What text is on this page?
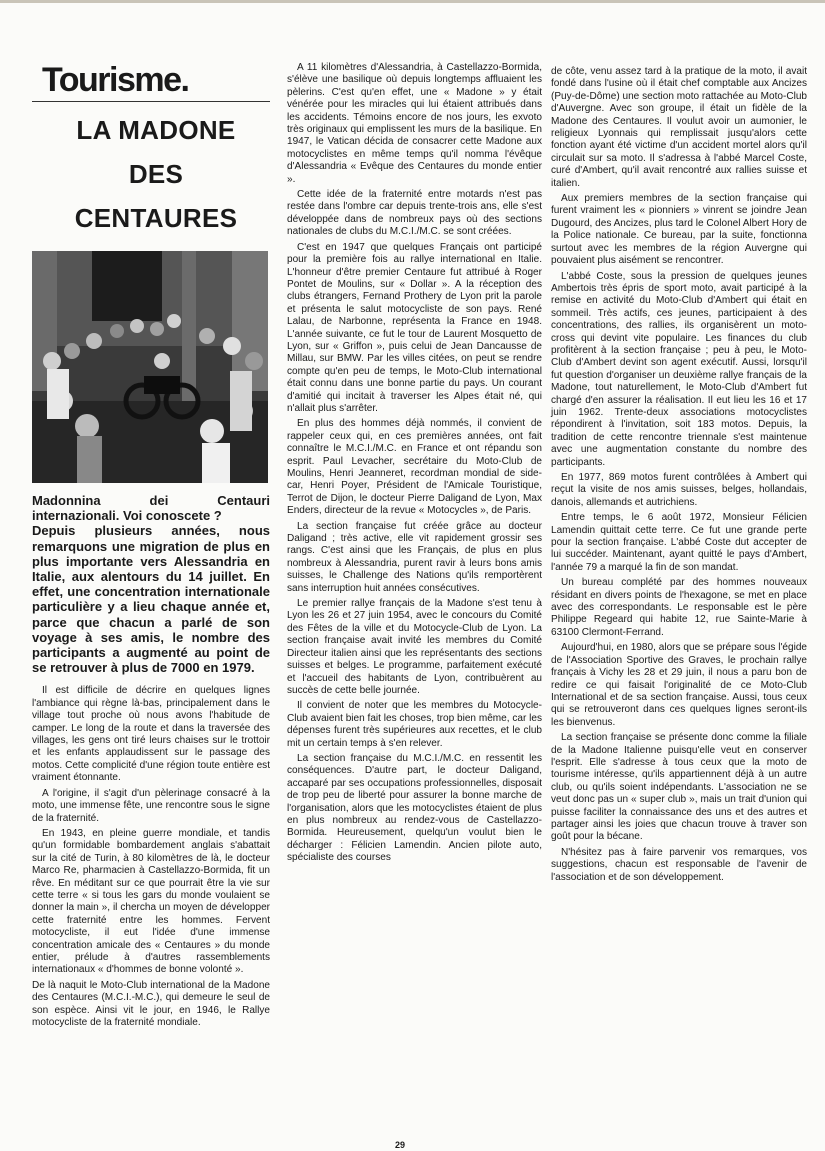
Tourisme.

LA MADONE

DES

CENTAURES

Madonnina dei Centauri internazionali. Voi conoscete ?
Depuis plusieurs années, nous remarquons une migration de plus en plus importante vers Alessandria en Italie, aux alentours du 14 juillet. En effet, une concentration internationale particulière y a lieu chaque année et, parce que chacun a parlé de son voyage à ses amis, le nombre des participants a augmenté au point de se retrouver à plus de 7000 en 1979.

Il est difficile de décrire en quelques lignes l'ambiance qui règne là-bas, principalement dans le village tout proche où nous avons l'habitude de camper. Le long de la route et dans la traversée des villages, les gens ont tiré leurs chaises sur le trottoir et les enfants applaudissent sur le passage des motos. Cette complicité d'une région toute entière est vraiment étonnante.

A l'origine, il s'agit d'un pèlerinage consacré à la moto, une immense fête, une rencontre sous le signe de la fraternité.

En 1943, en pleine guerre mondiale, et tandis qu'un formidable bombardement anglais s'abattait sur la cité de Turin, à 80 kilomètres de là, le docteur Marco Re, pharmacien à Castellazzo-Bormida, fit un rêve. En méditant sur ce que pourrait être la vie sur cette terre « si tous les gars du monde voulaient se donner la main », il chercha un moyen de développer cette fraternité entre les hommes. Fervent motocycliste, il eut l'idée d'une immense concentration amicale des « Centaures » du monde entier, prélude à d'autres rassemblements internationaux « d'hommes de bonne volonté ».

De là naquit le Moto-Club international de la Madone des Centaures (M.C.I.-M.C.), qui demeure le seul de son espèce. Ainsi vit le jour, en 1946, le Rallye motocycliste de la fraternité mondiale.

A 11 kilomètres d'Alessandria, à Castellazzo-Bormida, s'élève une basilique où depuis longtemps affluaient les pèlerins. C'est qu'en effet, une « Madone » y était vénérée pour les miracles qui lui étaient attribués dans les accidents. Témoins encore de nos jours, les exvoto très originaux qui emplissent les murs de la basilique. En 1947, le Vatican décida de consacrer cette Madone aux motocyclistes en même temps qu'il nomma l'évêque d'Alessandria « Evêque des Centaures du monde entier ».

Cette idée de la fraternité entre motards n'est pas restée dans l'ombre car depuis trente-trois ans, elle s'est développée dans de nombreux pays où des sections nationales de clubs du M.C.I./M.C. se sont créées.

C'est en 1947 que quelques Français ont participé pour la première fois au rallye international en Italie. L'honneur d'être premier Centaure fut attribué à Roger Pontet de Moulins, sur « Dollar ». A la réception des clubs étrangers, Fernand Prothery de Lyon prit la parole et présenta le salut motocycliste de son pays. René Lalau, de Narbonne, représenta la France en 1948. L'année suivante, ce fut le tour de Laurent Mosquetto de Lyon, sur « Griffon », puis celui de Jean Dancausse de Millau, sur BMW. Par les villes citées, on peut se rendre compte qu'en peu de temps, le Moto-Club international était connu dans une bonne partie du pays. Un courant d'amitié qui incitait à traverser les Alpes était né, qui n'allait plus s'arrêter.

En plus des hommes déjà nommés, il convient de rappeler ceux qui, en ces premières années, ont fait connaître le M.C.I./M.C. en France et ont répandu son esprit. Paul Levacher, secrétaire du Moto-Club de Moulins, Henri Jeanneret, recordman mondial de side-car, Henri Poyer, Président de l'Amicale Touristique, Terrot de Dijon, le docteur Pierre Daligand de Lyon, Max Enders, directeur de la revue « Motocycles », de Paris.

La section française fut créée grâce au docteur Daligand ; très active, elle vit rapidement grossir ses rangs. C'est ainsi que les Français, de plus en plus nombreux à Alessandria, purent ravir à leurs bons amis suisses, le Challenge des Nations qu'ils remportèrent sans interruption huit années consécutives.

Le premier rallye français de la Madone s'est tenu à Lyon les 26 et 27 juin 1954, avec le concours du Comité des Fêtes de la ville et du Motocycle-Club de Lyon. La section française avait invité les membres du Comité Directeur italien ainsi que les représentants des sections suisses et belges. Le programme, parfaitement exécuté et l'accueil des habitants de Lyon, contribuèrent au succès de cette belle journée.

Il convient de noter que les membres du Motocycle-Club avaient bien fait les choses, trop bien même, car les dépenses furent très supérieures aux recettes, et le club mit un certain temps à s'en relever.

La section française du M.C.I./M.C. en ressentit les conséquences. D'autre part, le docteur Daligand, accaparé par ses occupations professionnelles, disposait de trop peu de liberté pour assurer la bonne marche de l'organisation, alors que les motocyclistes étaient de plus en plus nombreux au rendez-vous de Castellazzo-Bormida. Heureusement, quelqu'un voulut bien le décharger : Félicien Lamendin. Ancien pilote auto, spécialiste des courses

de côte, venu assez tard à la pratique de la moto, il avait fondé dans l'usine où il était chef comptable aux Ancizes (Puy-de-Dôme) une section moto rattachée au Moto-Club d'Auvergne. Avec son groupe, il était un fidèle de la Madone des Centaures. Il voulut avoir un aumonier, le religieux Lyonnais qui remplissait jusqu'alors cette fonction ayant été victime d'un accident mortel alors qu'il circulait sur sa moto. Il s'adressa à l'abbé Marcel Coste, curé d'Ambert, qu'il avait rencontré aux rallies suisse et italien.

Aux premiers membres de la section française qui furent vraiment les « pionniers » vinrent se joindre Jean Dugourd, des Ancizes, plus tard le Colonel Albert Hory de la Police nationale. Ce bureau, par la suite, fonctionna surtout avec les membres de la région Auvergne qui pouvaient plus aisément se rencontrer.

L'abbé Coste, sous la pression de quelques jeunes Ambertois très épris de sport moto, avait participé à la remise en activité du Moto-Club d'Ambert qui était en sommeil. Très actifs, ces jeunes, participaient à des concentrations, des rallies, ils organisèrent un moto-cross qui devint vite populaire. Les finances du club profitèrent à la section française ; peu à peu, le Moto-Club d'Ambert devint son agent exécutif. Aussi, lorsqu'il fut question d'organiser un deuxième rallye français de la Madone, tout naturellement, le Moto-Club d'Ambert fut chargé d'en assurer la réalisation. Il eut lieu les 16 et 17 juin 1962. Trente-deux associations motocyclistes répondirent à l'invitation, soit 183 motos. Depuis, la tradition de cette rencontre triennale s'est maintenue avec une augmentation constante du nombre des participants.

En 1977, 869 motos furent contrôlées à Ambert qui reçut la visite de nos amis suisses, belges, hollandais, danois, allemands et autrichiens.

Entre temps, le 6 août 1972, Monsieur Félicien Lamendin quittait cette terre. Ce fut une grande perte pour la section française. L'abbé Coste dut accepter de lui succéder. Maintenant, ayant quitté le pays d'Ambert, l'année 79 a marqué la fin de son mandat.

Un bureau complété par des hommes nouveaux résidant en divers points de l'hexagone, se met en place avec des correspondants. Le responsable est le père Philippe Regeard qui habite 12, rue Sainte-Marie à 63100 Clermont-Ferrand.

Aujourd'hui, en 1980, alors que se prépare sous l'égide de l'Association Sportive des Graves, le prochain rallye français à Vichy les 28 et 29 juin, il nous a paru bon de redire ce qui faisait l'originalité de ce Moto-Club International et de sa section française. Aussi, tous ceux qui se retrouveront dans ces quelques lignes seront-ils les bienvenus.

La section française se présente donc comme la filiale de la Madone Italienne puisqu'elle veut en conserver l'esprit. Elle s'adresse à tous ceux que la moto de tourisme intéresse, qu'ils appartiennent déjà à un autre club, ou qu'ils soient indépendants. L'association ne se veut donc pas un « super club », mais un trait d'union qui puisse faciliter la connaissance des uns et des autres et partager ainsi les joies que chacun trouve à traver son goût pour la bécane.

N'hésitez pas à faire parvenir vos remarques, vos suggestions, chacun est responsable de l'avenir de l'association et de son développement.

29
